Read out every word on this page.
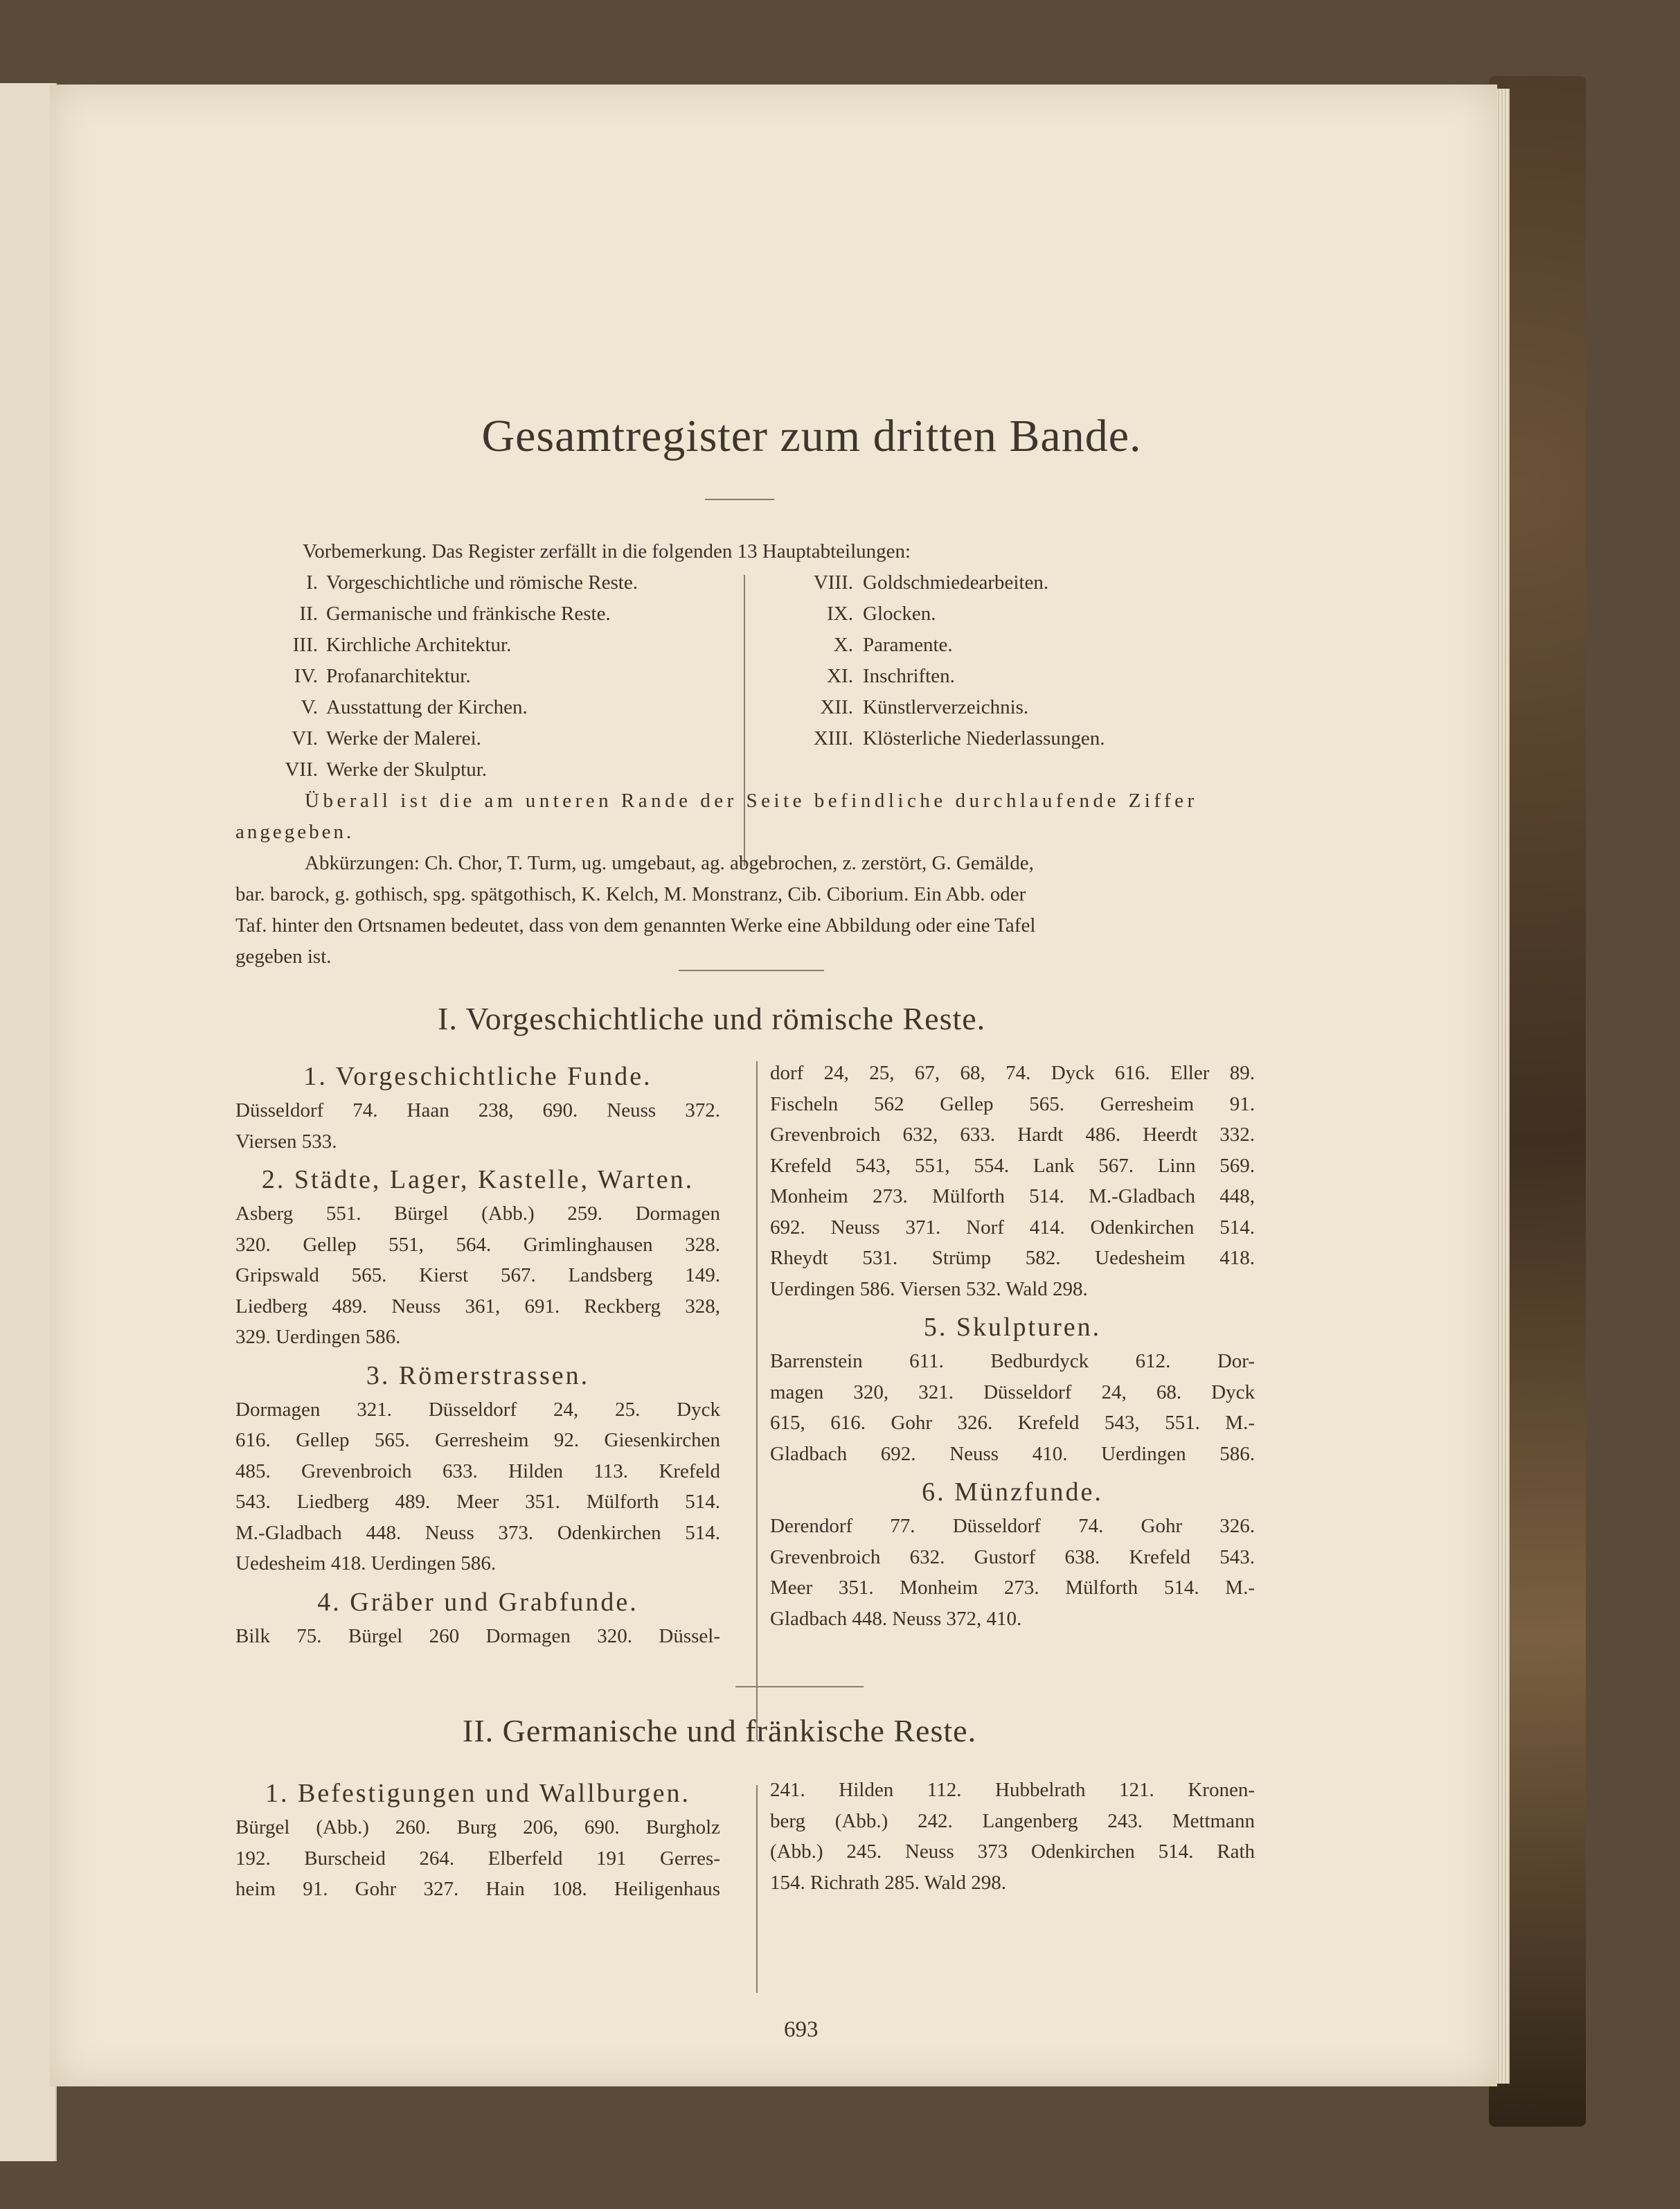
Gesamtregister zum dritten Bande.
Vorbemerkung. Das Register zerfällt in die folgenden 13 Hauptabteilungen:
I. Vorgeschichtliche und römische Reste.
II. Germanische und fränkische Reste.
III. Kirchliche Architektur.
IV. Profanarchitektur.
V. Ausstattung der Kirchen.
VI. Werke der Malerei.
VII. Werke der Skulptur.
VIII. Goldschmiedearbeiten.
IX. Glocken.
X. Paramente.
XI. Inschriften.
XII. Künstlerverzeichnis.
XIII. Klösterliche Niederlassungen.
Überall ist die am unteren Rande der Seite befindliche durchlaufende Ziffer
angegeben.
Abkürzungen: Ch. Chor, T. Turm, ug. umgebaut, ag. abgebrochen, z. zerstört, G. Gemälde,
bar. barock, g. gothisch, spg. spätgothisch, K. Kelch, M. Monstranz, Cib. Ciborium. Ein Abb. oder
Taf. hinter den Ortsnamen bedeutet, dass von dem genannten Werke eine Abbildung oder eine Tafel
gegeben ist.
I. Vorgeschichtliche und römische Reste.
1. Vorgeschichtliche Funde.
Düsseldorf 74. Haan 238, 690. Neuss 372.
Viersen 533.
2. Städte, Lager, Kastelle, Warten.
Asberg 551. Bürgel (Abb.) 259. Dormagen
320. Gellep 551, 564. Grimlinghausen 328.
Gripswald 565. Kierst 567. Landsberg 149.
Liedberg 489. Neuss 361, 691. Reckberg 328,
329. Uerdingen 586.
3. Römerstrassen.
Dormagen 321. Düsseldorf 24, 25. Dyck
616. Gellep 565. Gerresheim 92. Giesenkirchen
485. Grevenbroich 633. Hilden 113. Krefeld
543. Liedberg 489. Meer 351. Mülforth 514.
M.-Gladbach 448. Neuss 373. Odenkirchen 514.
Uedesheim 418. Uerdingen 586.
4. Gräber und Grabfunde.
Bilk 75. Bürgel 260 Dormagen 320. Düssel-
dorf 24, 25, 67, 68, 74. Dyck 616. Eller 89.
Fischeln 562 Gellep 565. Gerresheim 91.
Grevenbroich 632, 633. Hardt 486. Heerdt 332.
Krefeld 543, 551, 554. Lank 567. Linn 569.
Monheim 273. Mülforth 514. M.-Gladbach 448,
692. Neuss 371. Norf 414. Odenkirchen 514.
Rheydt 531. Strümp 582. Uedesheim 418.
Uerdingen 586. Viersen 532. Wald 298.
5. Skulpturen.
Barrenstein 611. Bedburdyck 612. Dor-
magen 320, 321. Düsseldorf 24, 68. Dyck
615, 616. Gohr 326. Krefeld 543, 551. M.-
Gladbach 692. Neuss 410. Uerdingen 586.
6. Münzfunde.
Derendorf 77. Düsseldorf 74. Gohr 326.
Grevenbroich 632. Gustorf 638. Krefeld 543.
Meer 351. Monheim 273. Mülforth 514. M.-
Gladbach 448. Neuss 372, 410.
II. Germanische und fränkische Reste.
1. Befestigungen und Wallburgen.
Bürgel (Abb.) 260. Burg 206, 690. Burgholz
192. Burscheid 264. Elberfeld 191 Gerres-
heim 91. Gohr 327. Hain 108. Heiligenhaus
241. Hilden 112. Hubbelrath 121. Kronen-
berg (Abb.) 242. Langenberg 243. Mettmann
(Abb.) 245. Neuss 373 Odenkirchen 514. Rath
154. Richrath 285. Wald 298.
693
